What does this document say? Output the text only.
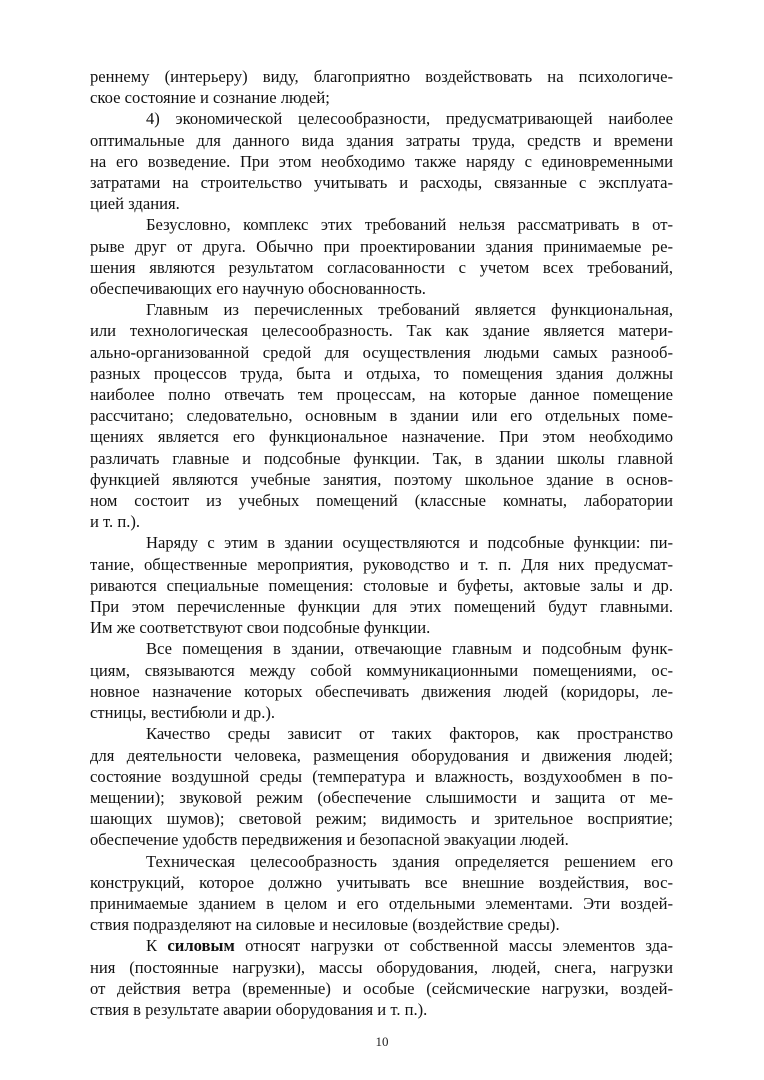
реннему (интерьеру) виду, благоприятно воздействовать на психологиче-
ское состояние и сознание людей;

4) экономической целесообразности, предусматривающей наиболее
оптимальные для данного вида здания затраты труда, средств и времени
на его возведение. При этом необходимо также наряду с единовременными
затратами на строительство учитывать и расходы, связанные с эксплуата-
цией здания.

Безусловно, комплекс этих требований нельзя рассматривать в от-
рыве друг от друга. Обычно при проектировании здания принимаемые ре-
шения являются результатом согласованности с учетом всех требований,
обеспечивающих его научную обоснованность.

Главным из перечисленных требований является функциональная,
или технологическая целесообразность. Так как здание является матери-
ально-организованной средой для осуществления людьми самых разнооб-
разных процессов труда, быта и отдыха, то помещения здания должны
наиболее полно отвечать тем процессам, на которые данное помещение
рассчитано; следовательно, основным в здании или его отдельных поме-
щениях является его функциональное назначение. При этом необходимо
различать главные и подсобные функции. Так, в здании школы главной
функцией являются учебные занятия, поэтому школьное здание в основ-
ном состоит из учебных помещений (классные комнаты, лаборатории
и т. п.).

Наряду с этим в здании осуществляются и подсобные функции: пи-
тание, общественные мероприятия, руководство и т. п. Для них предусмат-
риваются специальные помещения: столовые и буфеты, актовые залы и др.
При этом перечисленные функции для этих помещений будут главными.
Им же соответствуют свои подсобные функции.

Все помещения в здании, отвечающие главным и подсобным функ-
циям, связываются между собой коммуникационными помещениями, ос-
новное назначение которых обеспечивать движения людей (коридоры, ле-
стницы, вестибюли и др.).

Качество среды зависит от таких факторов, как пространство
для деятельности человека, размещения оборудования и движения людей;
состояние воздушной среды (температура и влажность, воздухообмен в по-
мещении); звуковой режим (обеспечение слышимости и защита от ме-
шающих шумов); световой режим; видимость и зрительное восприятие;
обеспечение удобств передвижения и безопасной эвакуации людей.

Техническая целесообразность здания определяется решением его
конструкций, которое должно учитывать все внешние воздействия, вос-
принимаемые зданием в целом и его отдельными элементами. Эти воздей-
ствия подразделяют на силовые и несиловые (воздействие среды).

К силовым относят нагрузки от собственной массы элементов зда-
ния (постоянные нагрузки), массы оборудования, людей, снега, нагрузки
от действия ветра (временные) и особые (сейсмические нагрузки, воздей-
ствия в результате аварии оборудования и т. п.).

10
